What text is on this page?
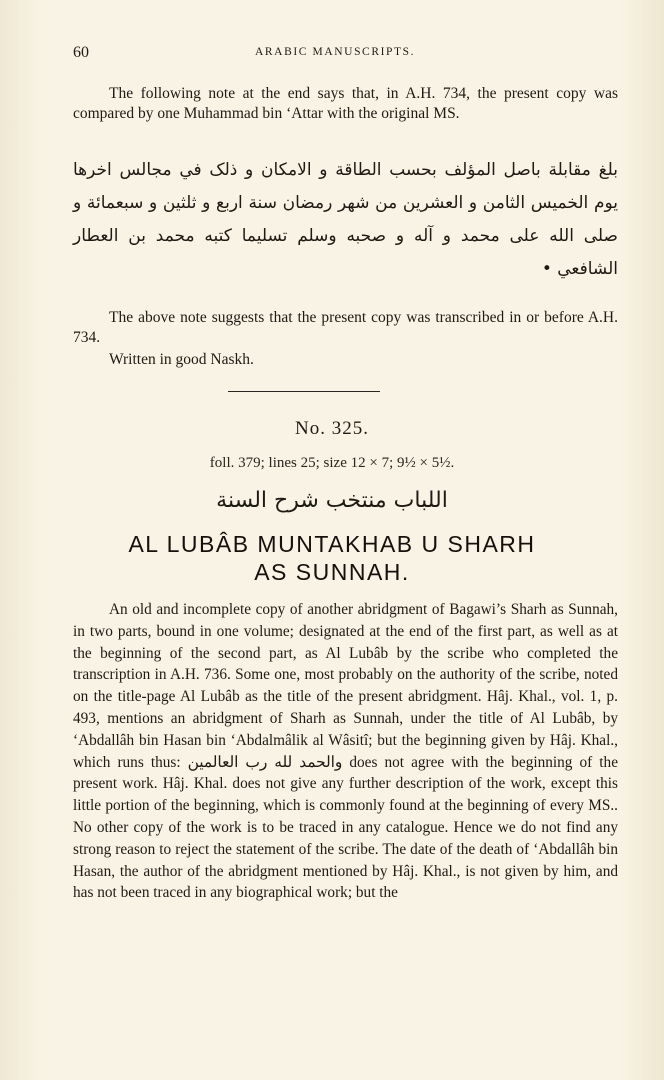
60	ARABIC MANUSCRIPTS.

The following note at the end says that, in A.H. 734, the present copy was compared by one Muhammad bin ‘Attar with the original MS.

بلغ مقابلة باصل المؤلف بحسب الطاقة و الامكان و ذلک في مجالس اخرها يوم الخميس الثامن و العشرين من شهر رمضان سنة اربع و ثلثين و سبعمائة و صلى الله على محمد و آله و صحبه وسلم تسليما كتبه محمد بن العطار الشافعي •

The above note suggests that the present copy was transcribed in or before A.H. 734.

Written in good Naskh.
No. 325.
foll. 379; lines 25; size 12 × 7; 9½ × 5½.
اللباب منتخب شرح السنة
AL LUBÂB MUNTAKHAB U SHARH
AS SUNNAH.

An old and incomplete copy of another abridgment of Bagawi’s Sharh as Sunnah, in two parts, bound in one volume; designated at the end of the first part, as well as at the beginning of the second part, as Al Lubâb by the scribe who completed the transcription in A.H. 736. Some one, most probably on the authority of the scribe, noted on the title-page Al Lubâb as the title of the present abridgment. Hâj. Khal., vol. 1, p. 493, mentions an abridgment of Sharh as Sunnah, under the title of Al Lubâb, by ‘Abdallâh bin Hasan bin ‘Abdalmâlik al Wâsitî; but the beginning given by Hâj. Khal., which runs thus: والحمد لله رب العالمين does not agree with the beginning of the present work. Hâj. Khal. does not give any further description of the work, except this little portion of the beginning, which is commonly found at the beginning of every MS.. No other copy of the work is to be traced in any catalogue. Hence we do not find any strong reason to reject the statement of the scribe. The date of the death of ‘Abdallâh bin Hasan, the author of the abridgment mentioned by Hâj. Khal., is not given by him, and has not been traced in any biographical work; but the
